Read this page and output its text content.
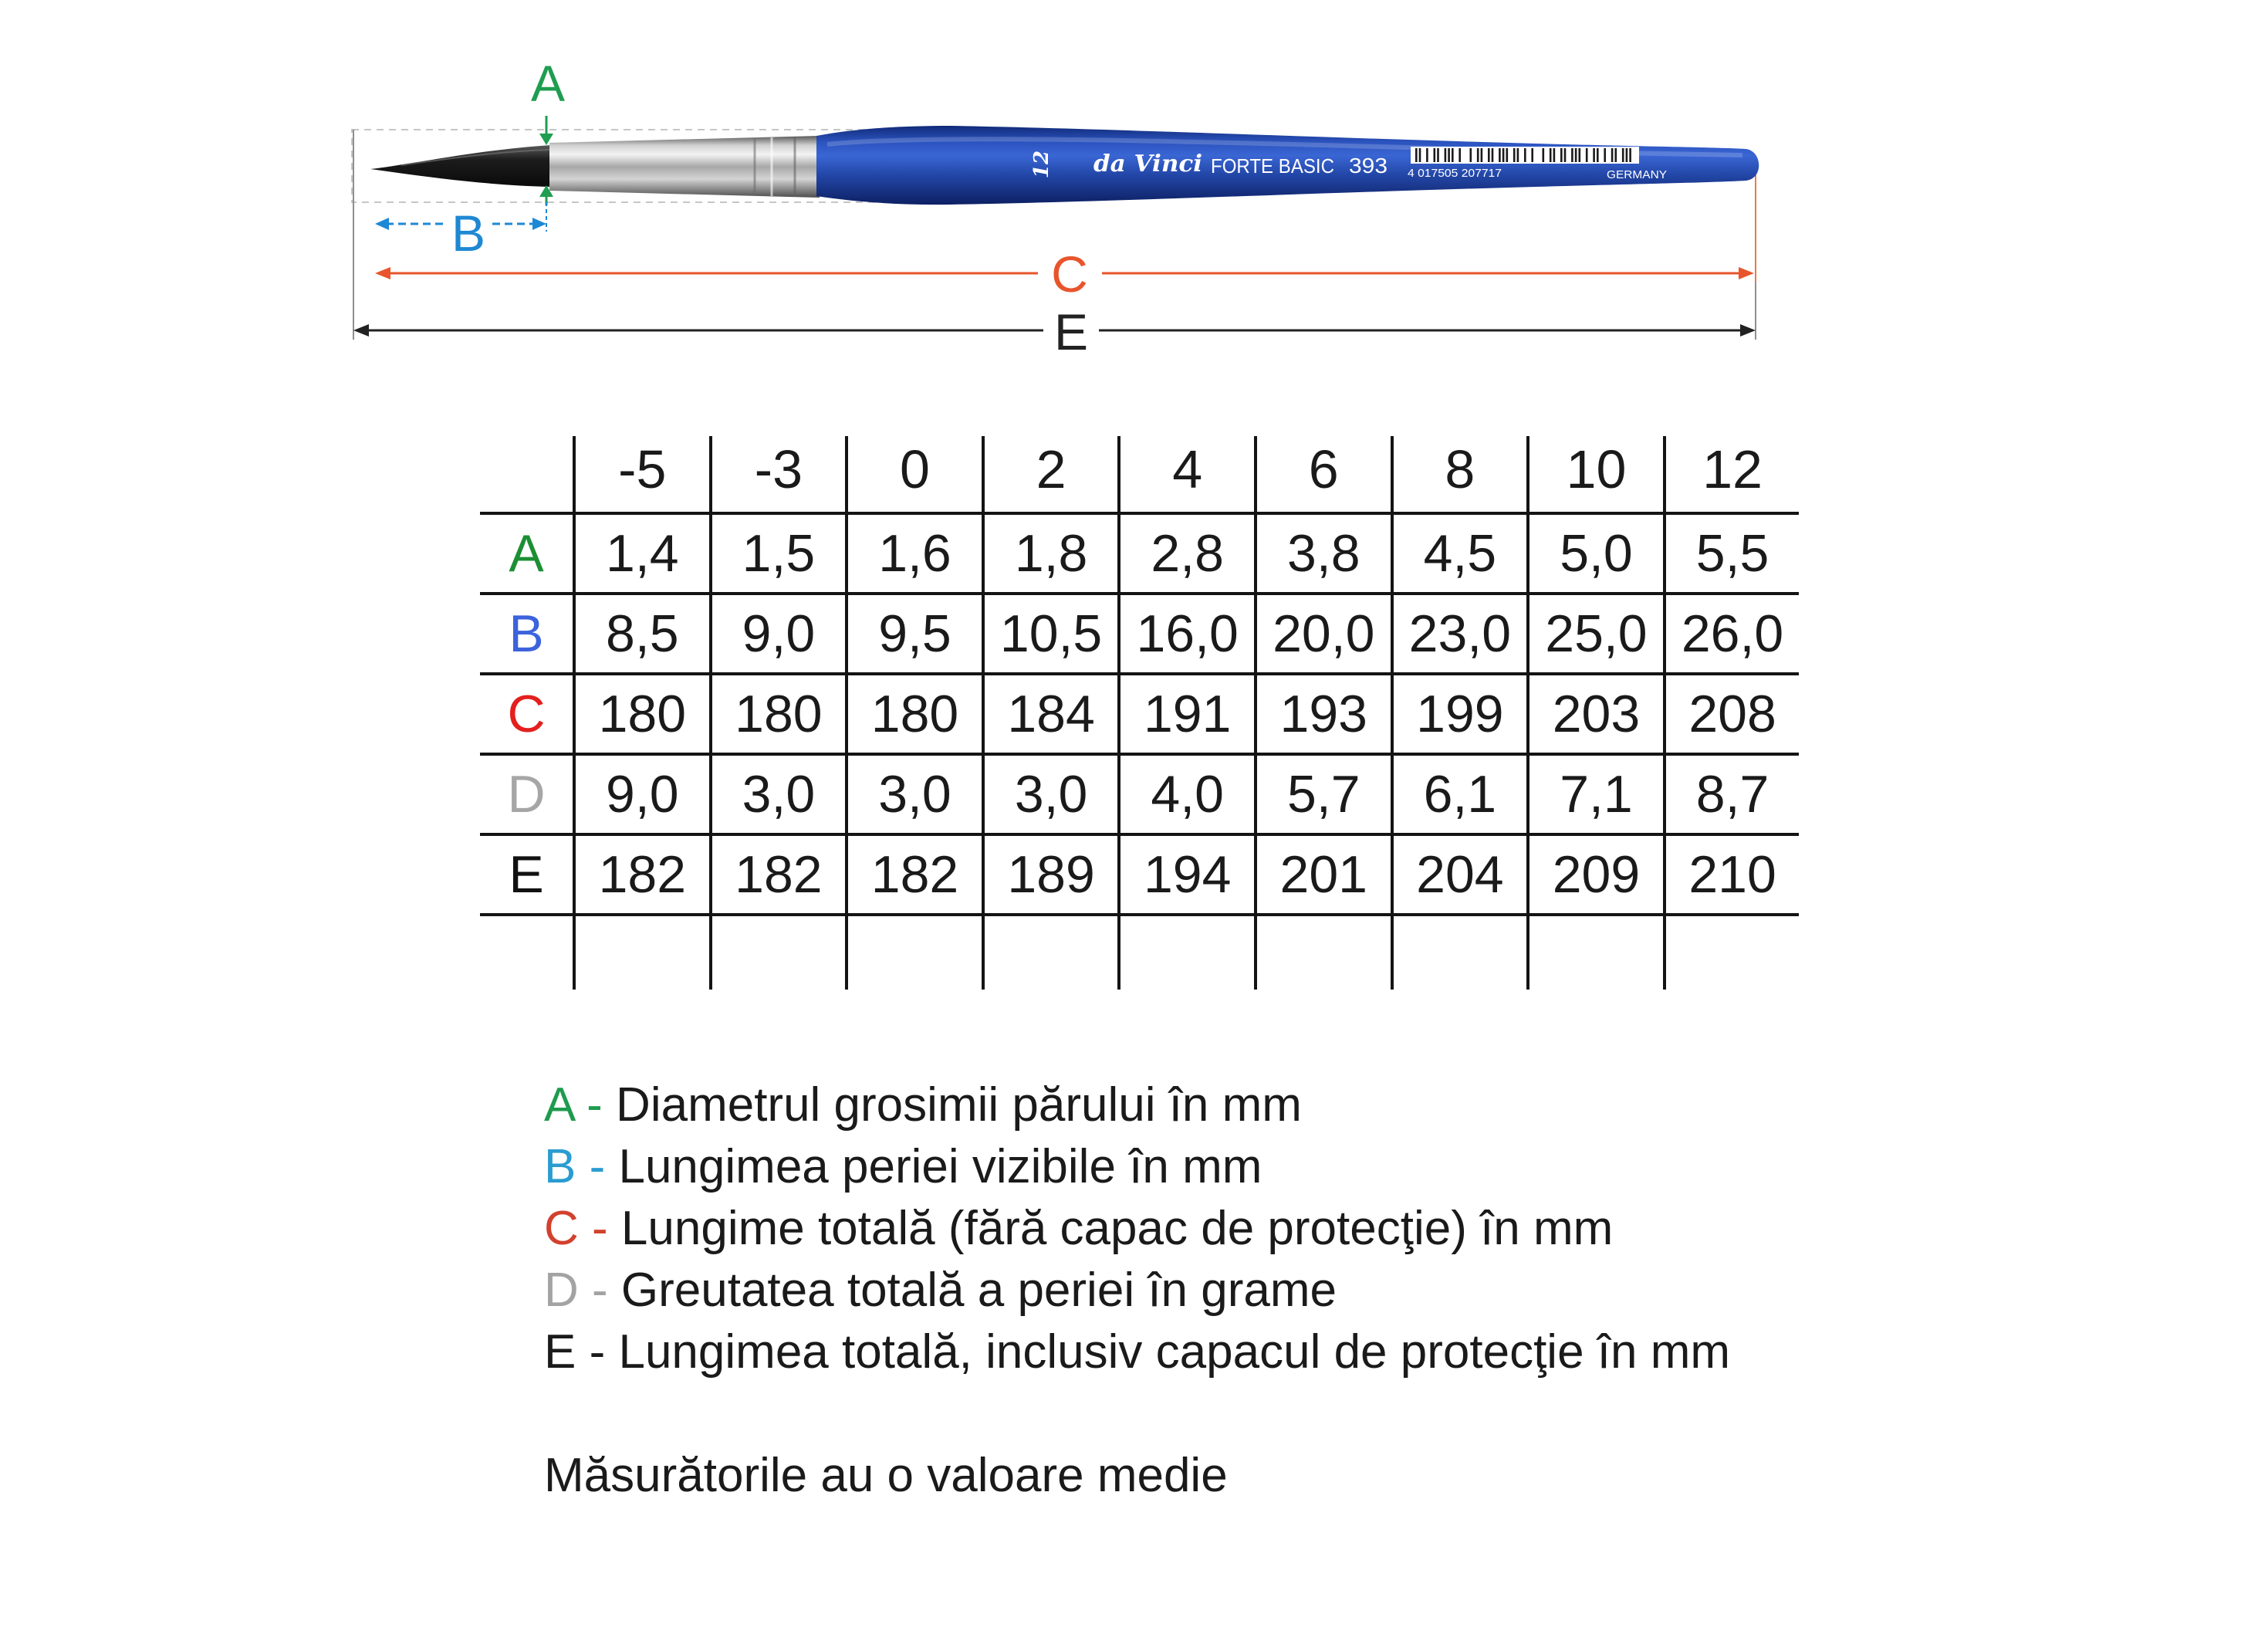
12 da Vinci FORTE BASIC 393 4 017505 207717	GERMANY
A
B
C
E
-5	-3	0	2	4	6	8	10	12
A	1,4	1,5	1,6	1,8	2,8	3,8	4,5	5,0	5,5
B	8,5	9,0	9,5 10,5 16,0 20,0 23,0 25,0 26,0
C	180 180 180 184 191 193 199 203 208
D	9,0	3,0	3,0	3,0	4,0	5,7	6,1	7,1	8,7
E	182 182 182 189 194 201 204 209 210
A - Diametrul grosimii părului în mm
B - Lungimea periei vizibile în mm
C - Lungime totală (fără capac de protecţie) în mm
D - Greutatea totală a periei în grame
E - Lungimea totală, inclusiv capacul de protecţie în mm
Măsurătorile au o valoare medie
